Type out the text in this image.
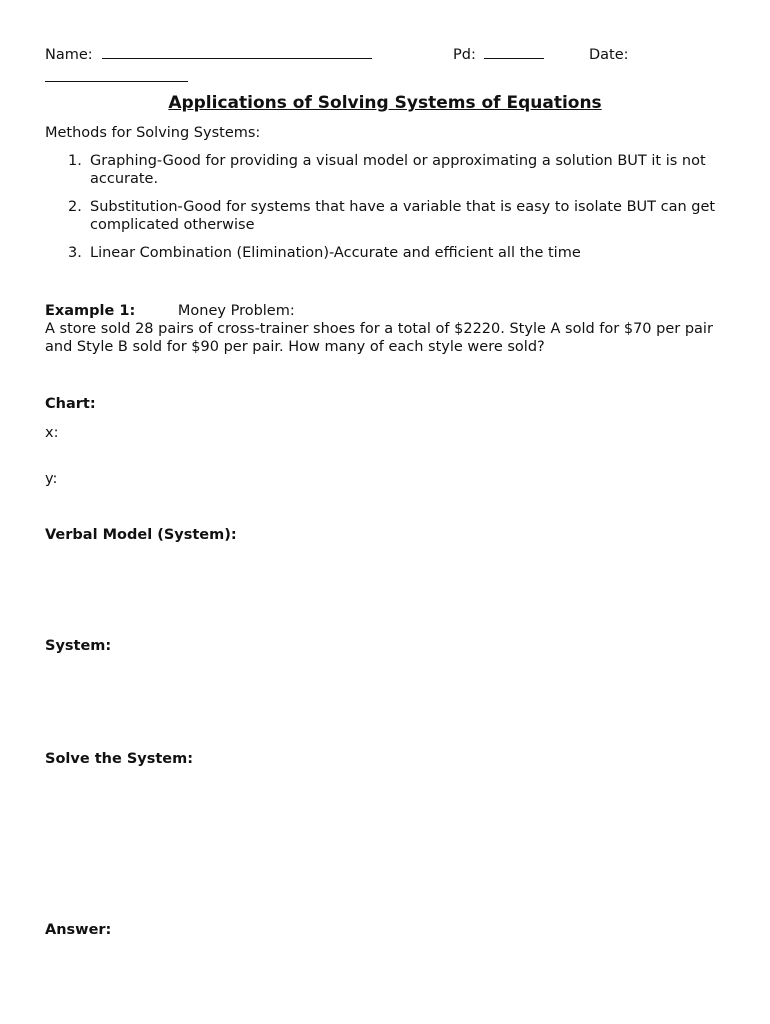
Name:	Pd:	Date:
Applications of Solving Systems of Equations
Methods for Solving Systems:
1. Graphing-Good for providing a visual model or approximating a solution BUT it is not accurate.
2. Substitution-Good for systems that have a variable that is easy to isolate BUT can get complicated otherwise
3. Linear Combination (Elimination)-Accurate and efficient all the time
Example 1:	Money Problem:
A store sold 28 pairs of cross-trainer shoes for a total of $2220. Style A sold for $70 per pair and Style B sold for $90 per pair. How many of each style were sold?
Chart:
x:
y:
Verbal Model (System):
System:
Solve the System:
Answer:
